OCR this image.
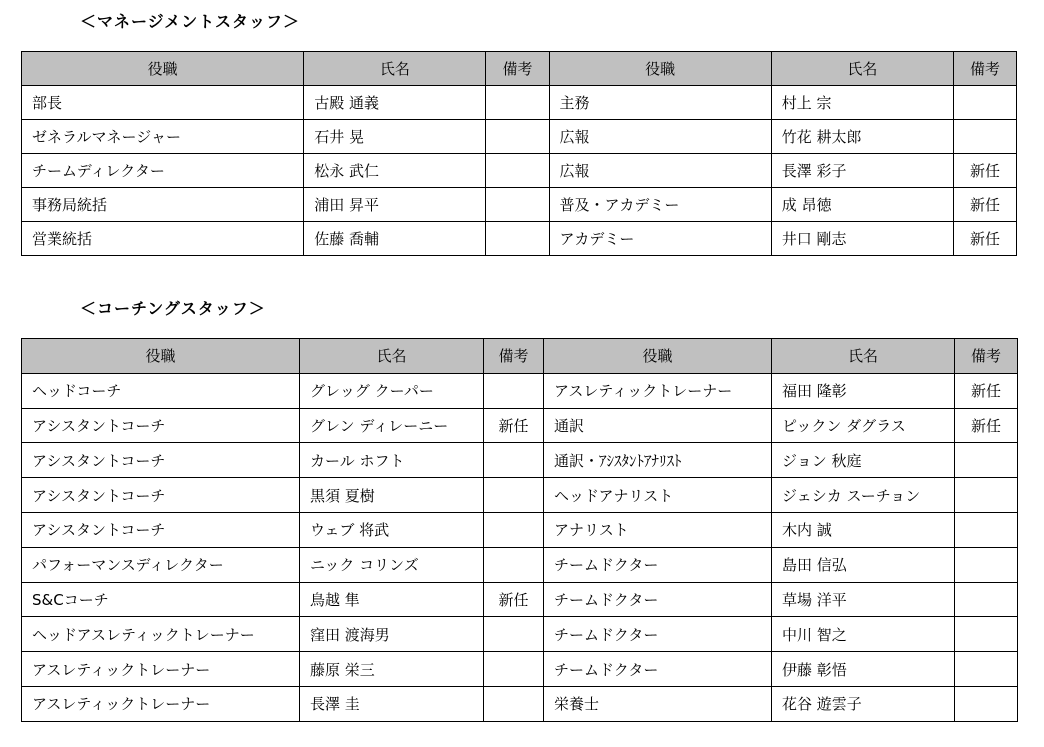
＜マネージメントスタッフ＞
役職	氏名	備考	役職	氏名	備考
部長	古殿 通義		主務	村上 宗	
ゼネラルマネージャー	石井 晃		広報	竹花 耕太郎	
チームディレクター	松永 武仁		広報	長澤 彩子	新任
事務局統括	浦田 昇平		普及・アカデミー	成 昂徳	新任
営業統括	佐藤 喬輔		アカデミー	井口 剛志	新任
＜コーチングスタッフ＞
役職	氏名	備考	役職	氏名	備考
ヘッドコーチ	グレッグ クーパー		アスレティックトレーナー	福田 隆彰	新任
アシスタントコーチ	グレン ディレーニー	新任	通訳	ピックン ダグラス	新任
アシスタントコーチ	カール ホフト		通訳・ｱｼｽﾀﾝﾄｱﾅﾘｽﾄ	ジョン 秋庭	
アシスタントコーチ	黒須 夏樹		ヘッドアナリスト	ジェシカ スーチョン	
アシスタントコーチ	ウェブ 将武		アナリスト	木内 誠	
パフォーマンスディレクター	ニック コリンズ		チームドクター	島田 信弘	
S&Cコーチ	鳥越 隼	新任	チームドクター	草場 洋平	
ヘッドアスレティックトレーナー	窪田 渡海男		チームドクター	中川 智之	
アスレティックトレーナー	藤原 栄三		チームドクター	伊藤 彰悟	
アスレティックトレーナー	長澤 圭		栄養士	花谷 遊雲子	
